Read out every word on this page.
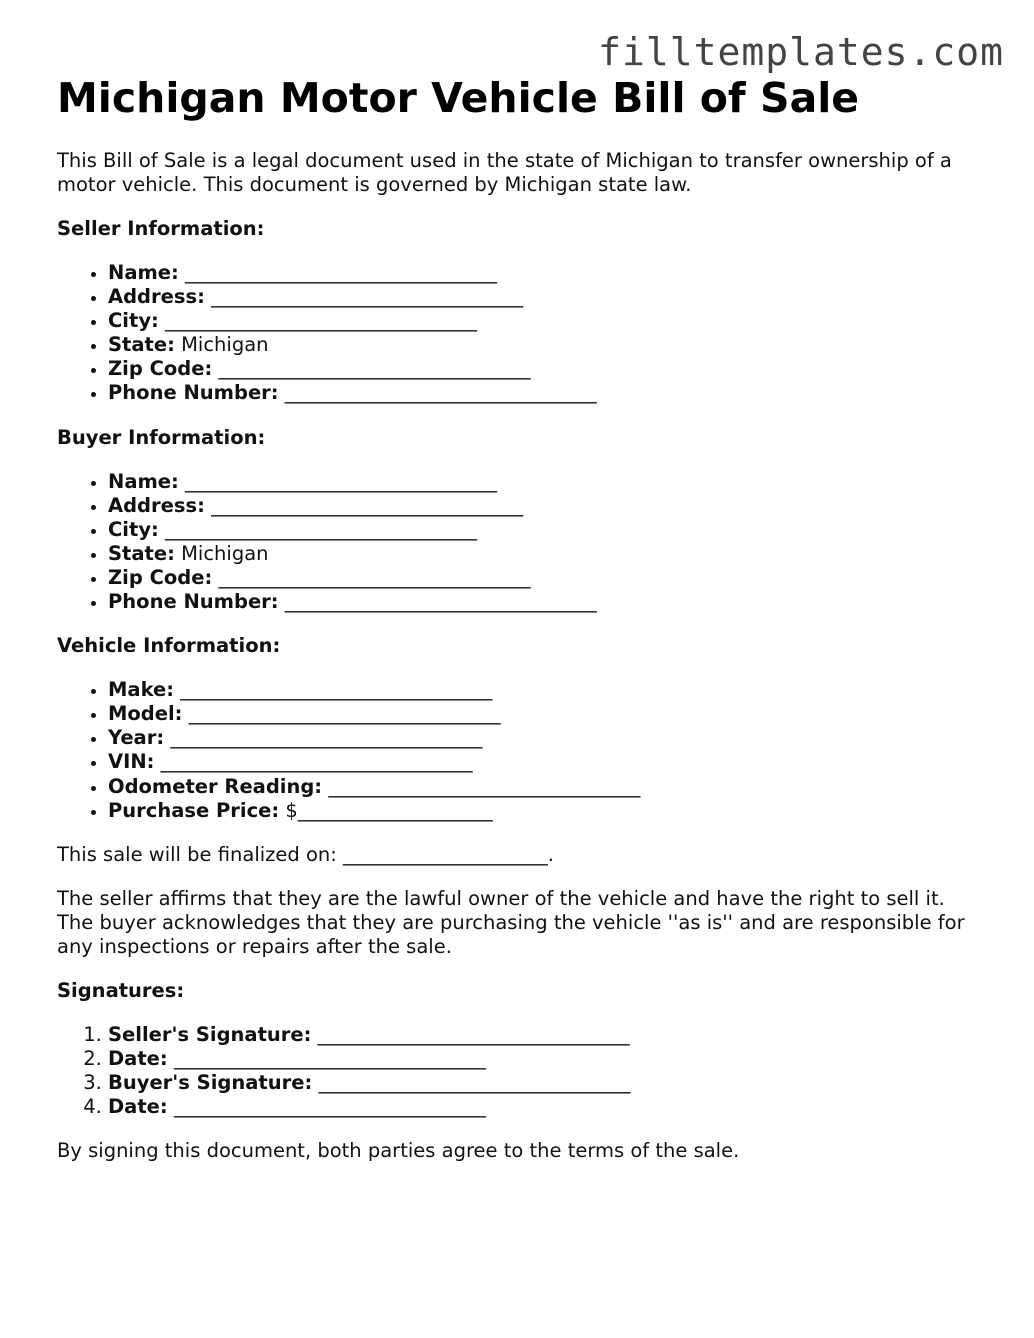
filltemplates.com
Michigan Motor Vehicle Bill of Sale

This Bill of Sale is a legal document used in the state of Michigan to transfer ownership of a motor vehicle. This document is governed by Michigan state law.

Seller Information:

• Name: ________________________________
• Address: ________________________________
• City: ________________________________
• State: Michigan
• Zip Code: ________________________________
• Phone Number: ________________________________

Buyer Information:

• Name: ________________________________
• Address: ________________________________
• City: ________________________________
• State: Michigan
• Zip Code: ________________________________
• Phone Number: ________________________________

Vehicle Information:

• Make: ________________________________
• Model: ________________________________
• Year: ________________________________
• VIN: ________________________________
• Odometer Reading: ________________________________
• Purchase Price: $____________________

This sale will be finalized on: _____________________.

The seller affirms that they are the lawful owner of the vehicle and have the right to sell it. The buyer acknowledges that they are purchasing the vehicle ''as is'' and are responsible for any inspections or repairs after the sale.

Signatures:

1. Seller's Signature: ________________________________
2. Date: ________________________________
3. Buyer's Signature: ________________________________
4. Date: ________________________________

By signing this document, both parties agree to the terms of the sale.
